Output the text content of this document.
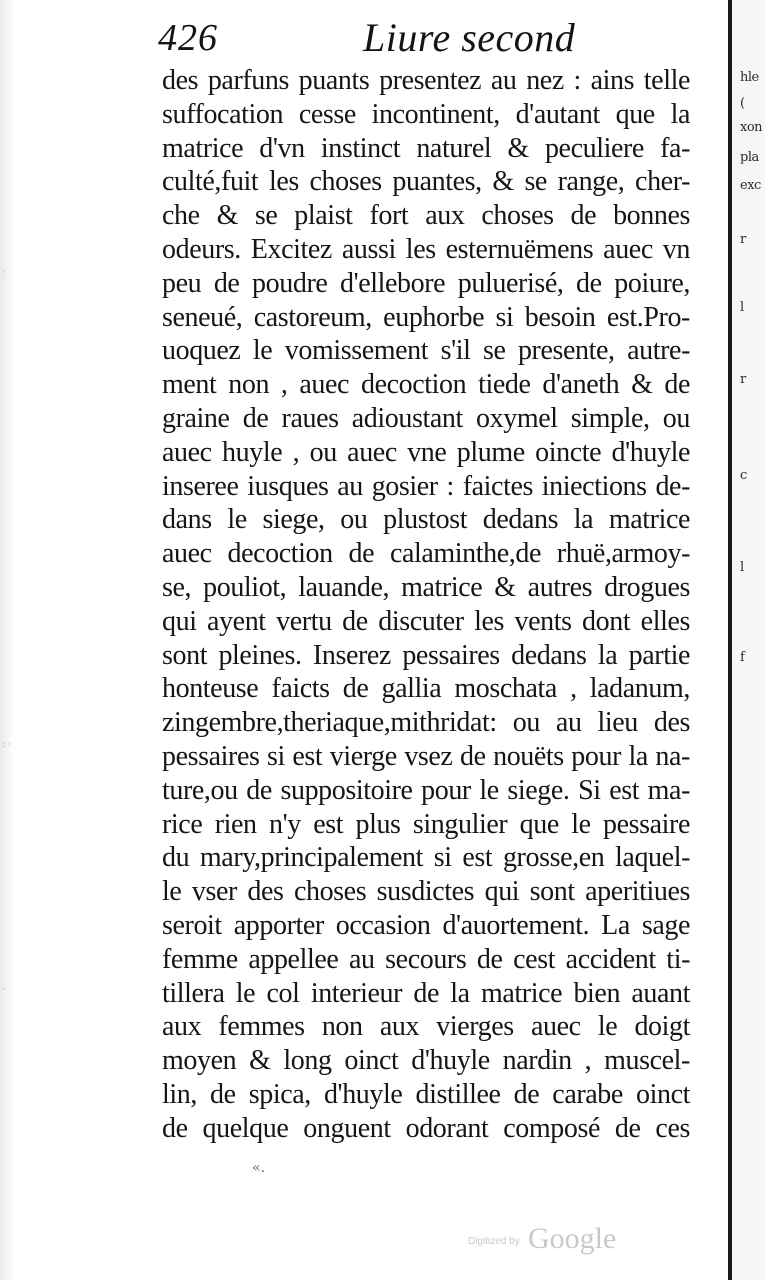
·
: ·
·
426	Liure second
des parfuns puants presentez au nez : ains telle
suffocation cesse incontinent, d'autant que la
matrice d'vn instinct naturel & peculiere fa-
culté,fuit les choses puantes, & se range, cher-
che & se plaist fort aux choses de bonnes
odeurs. Excitez aussi les esternuëmens auec vn
peu de poudre d'ellebore puluerisé, de poiure,
seneué, castoreum, euphorbe si besoin est.Pro-
uoquez le vomissement s'il se presente, autre-
ment non , auec decoction tiede d'aneth & de
graine de raues adioustant oxymel simple, ou
auec huyle , ou auec vne plume oincte d'huyle
inseree iusques au gosier : faictes iniections de-
dans le siege, ou plustost dedans la matrice
auec decoction de calaminthe,de rhuë,armoy-
se, pouliot, lauande, matrice & autres drogues
qui ayent vertu de discuter les vents dont elles
sont pleines. Inserez pessaires dedans la partie
honteuse faicts de gallia moschata , ladanum,
zingembre,theriaque,mithridat: ou au lieu des
pessaires si est vierge vsez de nouëts pour la na-
ture,ou de suppositoire pour le siege. Si est ma-
rice rien n'y est plus singulier que le pessaire
du mary,principalement si est grosse,en laquel-
le vser des choses susdictes qui sont aperitiues
seroit apporter occasion d'auortement. La sage
femme appellee au secours de cest accident ti-
tillera le col interieur de la matrice bien auant
aux femmes non aux vierges auec le doigt
moyen & long oinct d'huyle nardin , muscel-
lin, de spica, d'huyle distillee de carabe oinct
de quelque onguent odorant composé de ces
«.
hle
(
xon
pla
exc
r
l
r
c
l
f
Digitized by Google
